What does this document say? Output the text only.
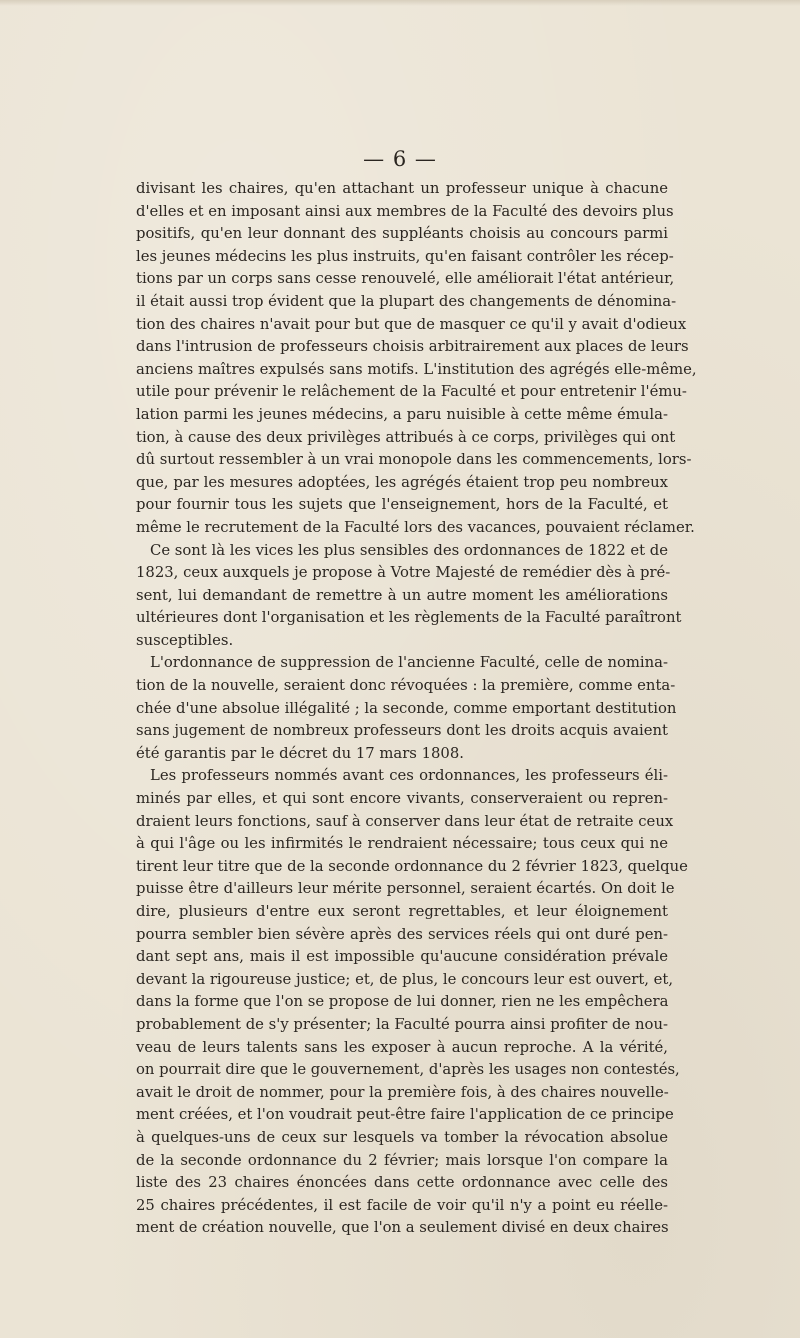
— 6 —
divisant les chaires, qu'en attachant un professeur unique à chacune
d'elles et en imposant ainsi aux membres de la Faculté des devoirs plus
positifs, qu'en leur donnant des suppléants choisis au concours parmi
les jeunes médecins les plus instruits, qu'en faisant contrôler les récep-
tions par un corps sans cesse renouvelé, elle améliorait l'état antérieur,
il était aussi trop évident que la plupart des changements de dénomina-
tion des chaires n'avait pour but que de masquer ce qu'il y avait d'odieux
dans l'intrusion de professeurs choisis arbitrairement aux places de leurs
anciens maîtres expulsés sans motifs. L'institution des agrégés elle-même,
utile pour prévenir le relâchement de la Faculté et pour entretenir l'ému-
lation parmi les jeunes médecins, a paru nuisible à cette même émula-
tion, à cause des deux privilèges attribués à ce corps, privilèges qui ont
dû surtout ressembler à un vrai monopole dans les commencements, lors-
que, par les mesures adoptées, les agrégés étaient trop peu nombreux
pour fournir tous les sujets que l'enseignement, hors de la Faculté, et
même le recrutement de la Faculté lors des vacances, pouvaient réclamer.
Ce sont là les vices les plus sensibles des ordonnances de 1822 et de
1823, ceux auxquels je propose à Votre Majesté de remédier dès à pré-
sent, lui demandant de remettre à un autre moment les améliorations
ultérieures dont l'organisation et les règlements de la Faculté paraîtront
susceptibles.
L'ordonnance de suppression de l'ancienne Faculté, celle de nomina-
tion de la nouvelle, seraient donc révoquées : la première, comme enta-
chée d'une absolue illégalité ; la seconde, comme emportant destitution
sans jugement de nombreux professeurs dont les droits acquis avaient
été garantis par le décret du 17 mars 1808.
Les professeurs nommés avant ces ordonnances, les professeurs éli-
minés par elles, et qui sont encore vivants, conserveraient ou repren-
draient leurs fonctions, sauf à conserver dans leur état de retraite ceux
à qui l'âge ou les infirmités le rendraient nécessaire; tous ceux qui ne
tirent leur titre que de la seconde ordonnance du 2 février 1823, quelque
puisse être d'ailleurs leur mérite personnel, seraient écartés. On doit le
dire, plusieurs d'entre eux seront regrettables, et leur éloignement
pourra sembler bien sévère après des services réels qui ont duré pen-
dant sept ans, mais il est impossible qu'aucune considération prévale
devant la rigoureuse justice; et, de plus, le concours leur est ouvert, et,
dans la forme que l'on se propose de lui donner, rien ne les empêchera
probablement de s'y présenter; la Faculté pourra ainsi profiter de nou-
veau de leurs talents sans les exposer à aucun reproche. A la vérité,
on pourrait dire que le gouvernement, d'après les usages non contestés,
avait le droit de nommer, pour la première fois, à des chaires nouvelle-
ment créées, et l'on voudrait peut-être faire l'application de ce principe
à quelques-uns de ceux sur lesquels va tomber la révocation absolue
de la seconde ordonnance du 2 février; mais lorsque l'on compare la
liste des 23 chaires énoncées dans cette ordonnance avec celle des
25 chaires précédentes, il est facile de voir qu'il n'y a point eu réelle-
ment de création nouvelle, que l'on a seulement divisé en deux chaires
